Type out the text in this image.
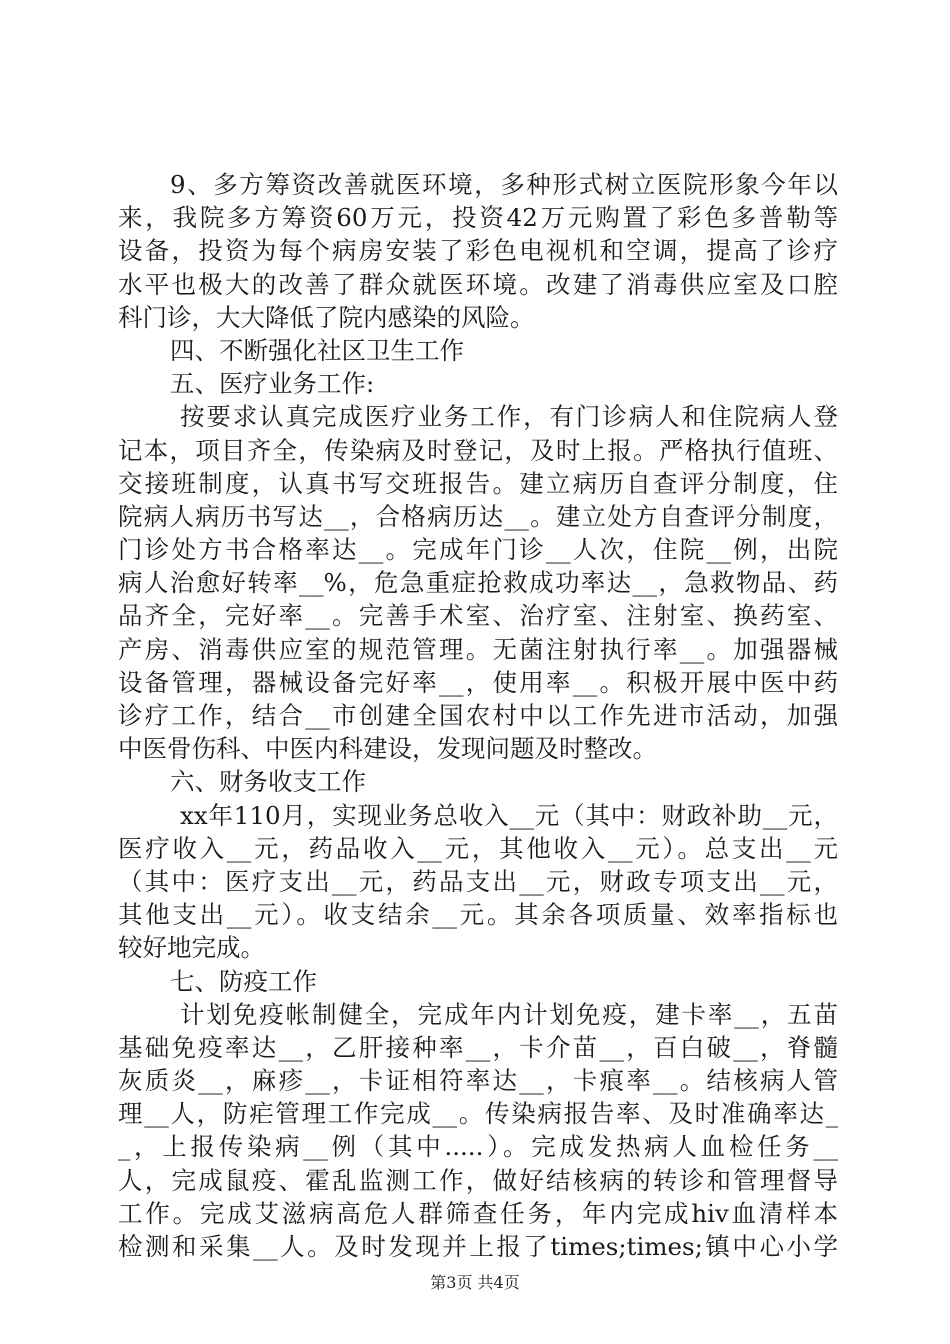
9、多方筹资改善就医环境，多种形式树立医院形象今年以
来，我院多方筹资60万元，投资42万元购置了彩色多普勒等
设备，投资为每个病房安装了彩色电视机和空调，提高了诊疗
水平也极大的改善了群众就医环境。改建了消毒供应室及口腔
科门诊，大大降低了院内感染的风险。
四、不断强化社区卫生工作
五、医疗业务工作:
按要求认真完成医疗业务工作，有门诊病人和住院病人登
记本，项目齐全，传染病及时登记，及时上报。严格执行值班、
交接班制度，认真书写交班报告。建立病历自查评分制度，住
院病人病历书写达__，合格病历达__。建立处方自查评分制度，
门诊处方书合格率达__。完成年门诊__人次，住院__例，出院
病人治愈好转率__%，危急重症抢救成功率达__，急救物品、药
品齐全，完好率__。完善手术室、治疗室、注射室、换药室、
产房、消毒供应室的规范管理。无菌注射执行率__。加强器械
设备管理，器械设备完好率__，使用率__。积极开展中医中药
诊疗工作，结合__市创建全国农村中以工作先进市活动，加强
中医骨伤科、中医内科建设，发现问题及时整改。
六、财务收支工作
xx年110月，实现业务总收入__元（其中：财政补助__元，
医疗收入__元，药品收入__元，其他收入__元）。总支出__元
（其中：医疗支出__元，药品支出__元，财政专项支出__元，
其他支出__元）。收支结余__元。其余各项质量、效率指标也
较好地完成。
七、防疫工作
计划免疫帐制健全，完成年内计划免疫，建卡率__，五苗
基础免疫率达__，乙肝接种率__，卡介苗__，百白破__，脊髓
灰质炎__，麻疹__，卡证相符率达__，卡痕率__。结核病人管
理__人，防疟管理工作完成__。传染病报告率、及时准确率达_
_，上报传染病__例（其中.....）。完成发热病人血检任务__
人，完成鼠疫、霍乱监测工作，做好结核病的转诊和管理督导
工作。完成艾滋病高危人群筛查任务，年内完成hiv血清样本
检测和采集__人。及时发现并上报了times;times;镇中心小学
第3页 共4页
